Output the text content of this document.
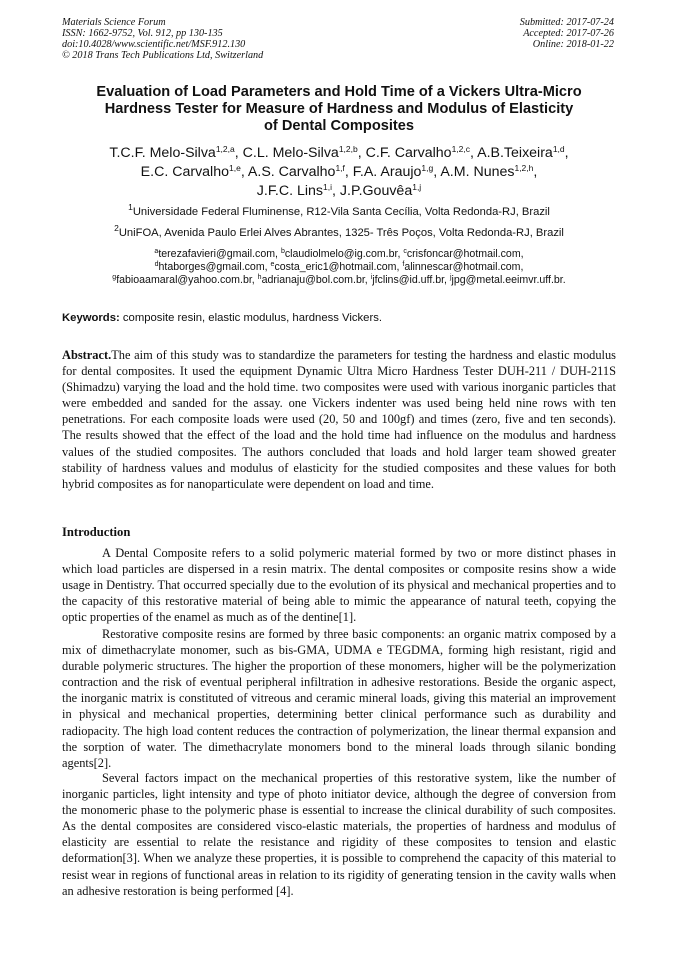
Materials Science Forum
ISSN: 1662-9752, Vol. 912, pp 130-135
doi:10.4028/www.scientific.net/MSF.912.130
© 2018 Trans Tech Publications Ltd, Switzerland
Submitted: 2017-07-24
Accepted: 2017-07-26
Online: 2018-01-22
Evaluation of Load Parameters and Hold Time of a Vickers Ultra-Micro
Hardness Tester for Measure of Hardness and Modulus of Elasticity
of Dental Composites
T.C.F. Melo-Silva$^{1,2,a}$, C.L. Melo-Silva$^{1,2,b}$, C.F. Carvalho$^{1,2,c}$, A.B.Teixeira$^{1,d}$,
E.C. Carvalho$^{1,e}$, A.S. Carvalho$^{1,f}$, F.A. Araujo$^{1,g}$, A.M. Nunes$^{1,2,h}$,
J.F.C. Lins$^{1,i}$, J.P.Gouvêa$^{1,j}$
$^1$Universidade Federal Fluminense, R12-Vila Santa Cecília, Volta Redonda-RJ, Brazil
$^2$UniFOA, Avenida Paulo Erlei Alves Abrantes, 1325- Três Poços, Volta Redonda-RJ, Brazil
$^a$terezafavieri@gmail.com, $^b$claudiolmelo@ig.com.br, $^c$crisfoncar@hotmail.com,
$^d$htaborges@gmail.com, $^e$costa_eric1@hotmail.com, $^f$alinnescar@hotmail.com,
$^g$fabioaamaral@yahoo.com.br, $^h$adrianaju@bol.com.br, $^i$jfclins@id.uff.br, $^j$jpg@metal.eeimvr.uff.br.
Keywords: composite resin, elastic modulus, hardness Vickers.

Abstract.The aim of this study was to standardize the parameters for testing the hardness and elastic modulus for dental composites. It used the equipment Dynamic Ultra Micro Hardness Tester DUH-211 / DUH-211S (Shimadzu) varying the load and the hold time. two composites were used with various inorganic particles that were embedded and sanded for the assay. one Vickers indenter was used being held nine rows with ten penetrations. For each composite loads were used (20, 50 and 100gf) and times (zero, five and ten seconds). The results showed that the effect of the load and the hold time had influence on the modulus and hardness values of the studied composites. The authors concluded that loads and hold larger team showed greater stability of hardness values and modulus of elasticity for the studied composites and these values for both hybrid composites as for nanoparticulate were dependent on load and time.

Introduction

A Dental Composite refers to a solid polymeric material formed by two or more distinct phases in which load particles are dispersed in a resin matrix. The dental composites or composite resins show a wide usage in Dentistry. That occurred specially due to the evolution of its physical and mechanical properties and to the capacity of this restorative material of being able to mimic the appearance of natural teeth, copying the optic properties of the enamel as much as of the dentine[1].

Restorative composite resins are formed by three basic components: an organic matrix composed by a mix of dimethacrylate monomer, such as bis-GMA, UDMA e TEGDMA, forming high resistant, rigid and durable polymeric structures. The higher the proportion of these monomers, higher will be the polymerization contraction and the risk of eventual peripheral infiltration in adhesive restorations. Beside the organic aspect, the inorganic matrix is constituted of vitreous and ceramic mineral loads, giving this material an improvement in physical and mechanical properties, determining better clinical performance such as durability and radiopacity. The high load content reduces the contraction of polymerization, the linear thermal expansion and the sorption of water. The dimethacrylate monomers bond to the mineral loads through silanic bonding agents[2].

Several factors impact on the mechanical properties of this restorative system, like the number of inorganic particles, light intensity and type of photo initiator device, although the degree of conversion from the monomeric phase to the polymeric phase is essential to increase the clinical durability of such composites. As the dental composites are considered visco-elastic materials, the properties of hardness and modulus of elasticity are essential to relate the resistance and rigidity of these composites to tension and elastic deformation[3]. When we analyze these properties, it is possible to comprehend the capacity of this material to resist wear in regions of functional areas in relation to its rigidity of generating tension in the cavity walls when an adhesive restoration is being performed [4].
